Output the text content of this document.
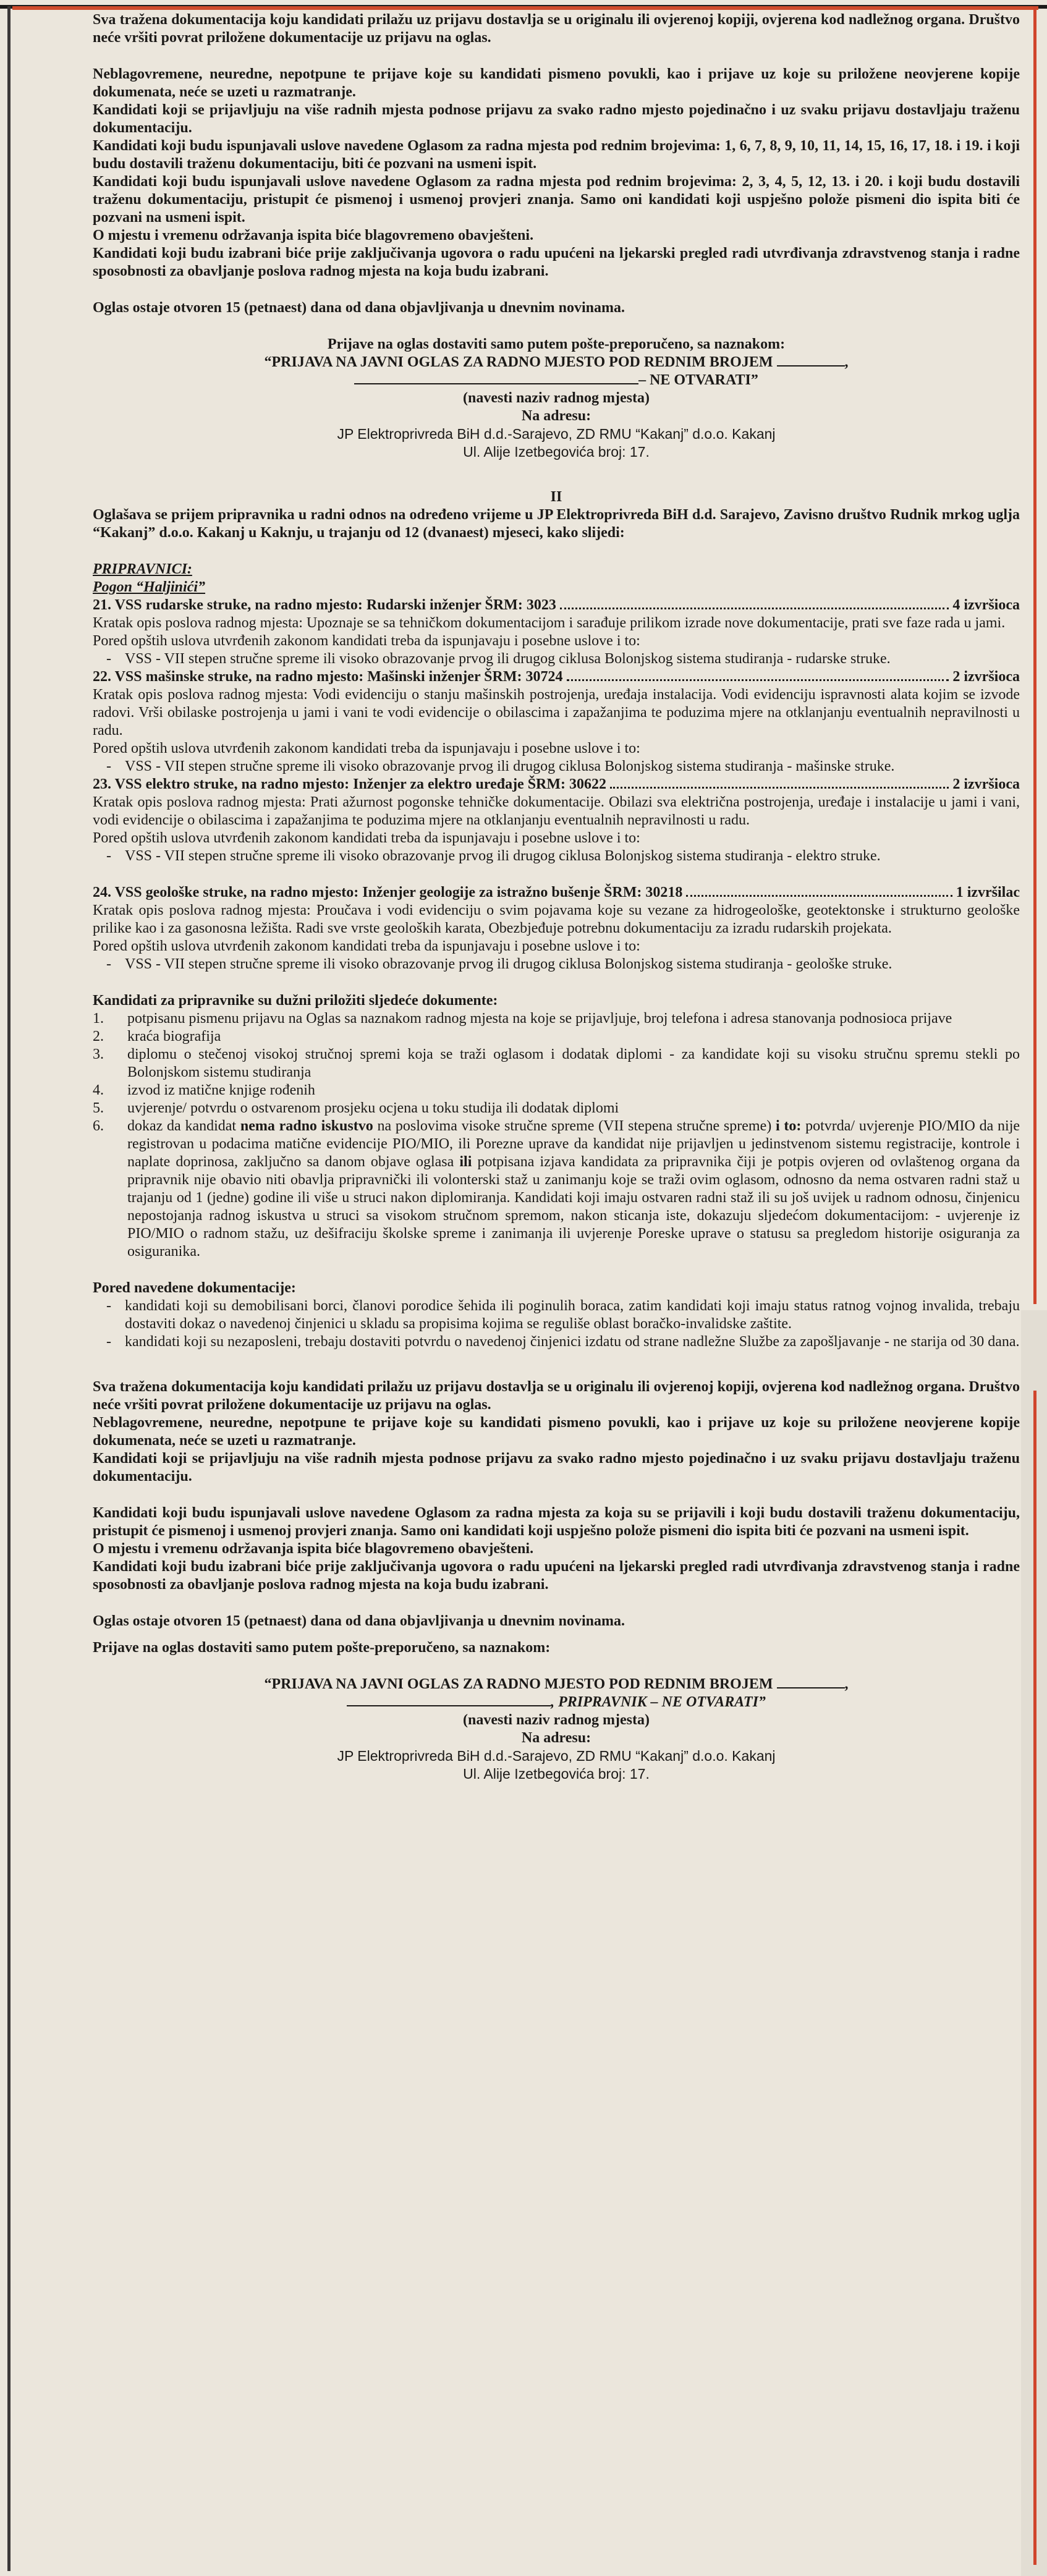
Sva tražena dokumentacija koju kandidati prilažu uz prijavu dostavlja se u originalu ili ovjerenoj kopiji, ovjerena kod nadležnog organa. Društvo neće vršiti povrat priložene dokumentacije uz prijavu na oglas.

Neblagovremene, neuredne, nepotpune te prijave koje su kandidati pismeno povukli, kao i prijave uz koje su priložene neovjerene kopije dokumenata, neće se uzeti u razmatranje.

Kandidati koji se prijavljuju na više radnih mjesta podnose prijavu za svako radno mjesto pojedinačno i uz svaku prijavu dostavljaju traženu dokumentaciju.

Kandidati koji budu ispunjavali uslove navedene Oglasom za radna mjesta pod rednim brojevima: 1, 6, 7, 8, 9, 10, 11, 14, 15, 16, 17, 18. i 19. i koji budu dostavili traženu dokumentaciju, biti će pozvani na usmeni ispit.

Kandidati koji budu ispunjavali uslove navedene Oglasom za radna mjesta pod rednim brojevima: 2, 3, 4, 5, 12, 13. i 20. i koji budu dostavili traženu dokumentaciju, pristupit će pismenoj i usmenoj provjeri znanja. Samo oni kandidati koji uspješno polože pismeni dio ispita biti će pozvani na usmeni ispit.

O mjestu i vremenu održavanja ispita biće blagovremeno obavješteni.

Kandidati koji budu izabrani biće prije zaključivanja ugovora o radu upućeni na ljekarski pregled radi utvrđivanja zdravstvenog stanja i radne sposobnosti za obavljanje poslova radnog mjesta na koja budu izabrani.

Oglas ostaje otvoren 15 (petnaest) dana od dana objavljivanja u dnevnim novinama.

Prijave na oglas dostaviti samo putem pošte-preporučeno, sa naznakom:

“PRIJAVA NA JAVNI OGLAS ZA RADNO MJESTO POD REDNIM BROJEM	,

– NE OTVARATI”

(navesti naziv radnog mjesta)

Na adresu:

JP Elektroprivreda BiH d.d.-Sarajevo, ZD RMU “Kakanj” d.o.o. Kakanj

Ul. Alije Izetbegovića broj: 17.

II

Oglašava se prijem pripravnika u radni odnos na određeno vrijeme u JP Elektroprivreda BiH d.d. Sarajevo, Zavisno društvo Rudnik mrkog uglja “Kakanj” d.o.o. Kakanj u Kaknju, u trajanju od 12 (dvanaest) mjeseci, kako slijedi:

PRIPRAVNICI:

Pogon “Haljinići”

21. VSS rudarske struke, na radno mjesto: Rudarski inženjer ŠRM: 3023	4 izvršioca

Kratak opis poslova radnog mjesta: Upoznaje se sa tehničkom dokumentacijom i sarađuje prilikom izrade nove dokumentacije, prati sve faze rada u jami.

Pored opštih uslova utvrđenih zakonom kandidati treba da ispunjavaju i posebne uslove i to:

- VSS - VII stepen stručne spreme ili visoko obrazovanje prvog ili drugog ciklusa Bolonjskog sistema studiranja - rudarske struke.

22. VSS mašinske struke, na radno mjesto: Mašinski inženjer ŠRM: 30724	2 izvršioca

Kratak opis poslova radnog mjesta: Vodi evidenciju o stanju mašinskih postrojenja, uređaja instalacija. Vodi evidenciju ispravnosti alata kojim se izvode radovi. Vrši obilaske postrojenja u jami i vani te vodi evidencije o obilascima i zapažanjima te poduzima mjere na otklanjanju eventualnih nepravilnosti u radu.

Pored opštih uslova utvrđenih zakonom kandidati treba da ispunjavaju i posebne uslove i to:

- VSS - VII stepen stručne spreme ili visoko obrazovanje prvog ili drugog ciklusa Bolonjskog sistema studiranja - mašinske struke.

23. VSS elektro struke, na radno mjesto: Inženjer za elektro uređaje ŠRM: 30622	2 izvršioca

Kratak opis poslova radnog mjesta: Prati ažurnost pogonske tehničke dokumentacije. Obilazi sva električna postrojenja, uređaje i instalacije u jami i vani, vodi evidencije o obilascima i zapažanjima te poduzima mjere na otklanjanju eventualnih nepravilnosti u radu.

Pored opštih uslova utvrđenih zakonom kandidati treba da ispunjavaju i posebne uslove i to:

- VSS - VII stepen stručne spreme ili visoko obrazovanje prvog ili drugog ciklusa Bolonjskog sistema studiranja - elektro struke.

24. VSS geološke struke, na radno mjesto: Inženjer geologije za istražno bušenje ŠRM: 30218	1 izvršilac

Kratak opis poslova radnog mjesta: Proučava i vodi evidenciju o svim pojavama koje su vezane za hidrogeološke, geotektonske i strukturno geološke prilike kao i za gasonosna ležišta. Radi sve vrste geoloških karata, Obezbjeđuje potrebnu dokumentaciju za izradu rudarskih projekata.

Pored opštih uslova utvrđenih zakonom kandidati treba da ispunjavaju i posebne uslove i to:

- VSS - VII stepen stručne spreme ili visoko obrazovanje prvog ili drugog ciklusa Bolonjskog sistema studiranja - geološke struke.

Kandidati za pripravnike su dužni priložiti sljedeće dokumente:

1.	potpisanu pismenu prijavu na Oglas sa naznakom radnog mjesta na koje se prijavljuje, broj telefona i adresa stanovanja podnosioca prijave

2.	kraća biografija

3.	diplomu o stečenoj visokoj stručnoj spremi koja se traži oglasom i dodatak diplomi - za kandidate koji su visoku stručnu spremu stekli po Bolonjskom sistemu studiranja

4.	izvod iz matične knjige rođenih

5.	uvjerenje/ potvrdu o ostvarenom prosjeku ocjena u toku studija ili dodatak diplomi

6.	dokaz da kandidat nema radno iskustvo na poslovima visoke stručne spreme (VII stepena stručne spreme) i to: potvrda/ uvjerenje PIO/MIO da nije registrovan u podacima matične evidencije PIO/MIO, ili Porezne uprave da kandidat nije prijavljen u jedinstvenom sistemu registracije, kontrole i naplate doprinosa, zaključno sa danom objave oglasa ili potpisana izjava kandidata za pripravnika čiji je potpis ovjeren od ovlaštenog organa da pripravnik nije obavio niti obavlja pripravnički ili volonterski staž u zanimanju koje se traži ovim oglasom, odnosno da nema ostvaren radni staž u trajanju od 1 (jedne) godine ili više u struci nakon diplomiranja. Kandidati koji imaju ostvaren radni staž ili su još uvijek u radnom odnosu, činjenicu nepostojanja radnog iskustva u struci sa visokom stručnom spremom, nakon sticanja iste, dokazuju sljedećom dokumentacijom: - uvjerenje iz PIO/MIO o radnom stažu, uz dešifraciju školske spreme i zanimanja ili uvjerenje Poreske uprave o statusu sa pregledom historije osiguranja za osiguranika.

Pored navedene dokumentacije:

- kandidati koji su demobilisani borci, članovi porodice šehida ili poginulih boraca, zatim kandidati koji imaju status ratnog vojnog invalida, trebaju dostaviti dokaz o navedenoj činjenici u skladu sa propisima kojima se reguliše oblast boračko-invalidske zaštite.

- kandidati koji su nezaposleni, trebaju dostaviti potvrdu o navedenoj činjenici izdatu od strane nadležne Službe za zapošljavanje - ne starija od 30 dana.

Sva tražena dokumentacija koju kandidati prilažu uz prijavu dostavlja se u originalu ili ovjerenoj kopiji, ovjerena kod nadležnog organa. Društvo neće vršiti povrat priložene dokumentacije uz prijavu na oglas.

Neblagovremene, neuredne, nepotpune te prijave koje su kandidati pismeno povukli, kao i prijave uz koje su priložene neovjerene kopije dokumenata, neće se uzeti u razmatranje.

Kandidati koji se prijavljuju na više radnih mjesta podnose prijavu za svako radno mjesto pojedinačno i uz svaku prijavu dostavljaju traženu dokumentaciju.

Kandidati koji budu ispunjavali uslove navedene Oglasom za radna mjesta za koja su se prijavili i koji budu dostavili traženu dokumentaciju, pristupit će pismenoj i usmenoj provjeri znanja. Samo oni kandidati koji uspješno polože pismeni dio ispita biti će pozvani na usmeni ispit.

O mjestu i vremenu održavanja ispita biće blagovremeno obavješteni.

Kandidati koji budu izabrani biće prije zaključivanja ugovora o radu upućeni na ljekarski pregled radi utvrđivanja zdravstvenog stanja i radne sposobnosti za obavljanje poslova radnog mjesta na koja budu izabrani.

Oglas ostaje otvoren 15 (petnaest) dana od dana objavljivanja u dnevnim novinama.

Prijave na oglas dostaviti samo putem pošte-preporučeno, sa naznakom:

“PRIJAVA NA JAVNI OGLAS ZA RADNO MJESTO POD REDNIM BROJEM	,

, PRIPRAVNIK – NE OTVARATI”

(navesti naziv radnog mjesta)

Na adresu:

JP Elektroprivreda BiH d.d.-Sarajevo, ZD RMU “Kakanj” d.o.o. Kakanj

Ul. Alije Izetbegovića broj: 17.
